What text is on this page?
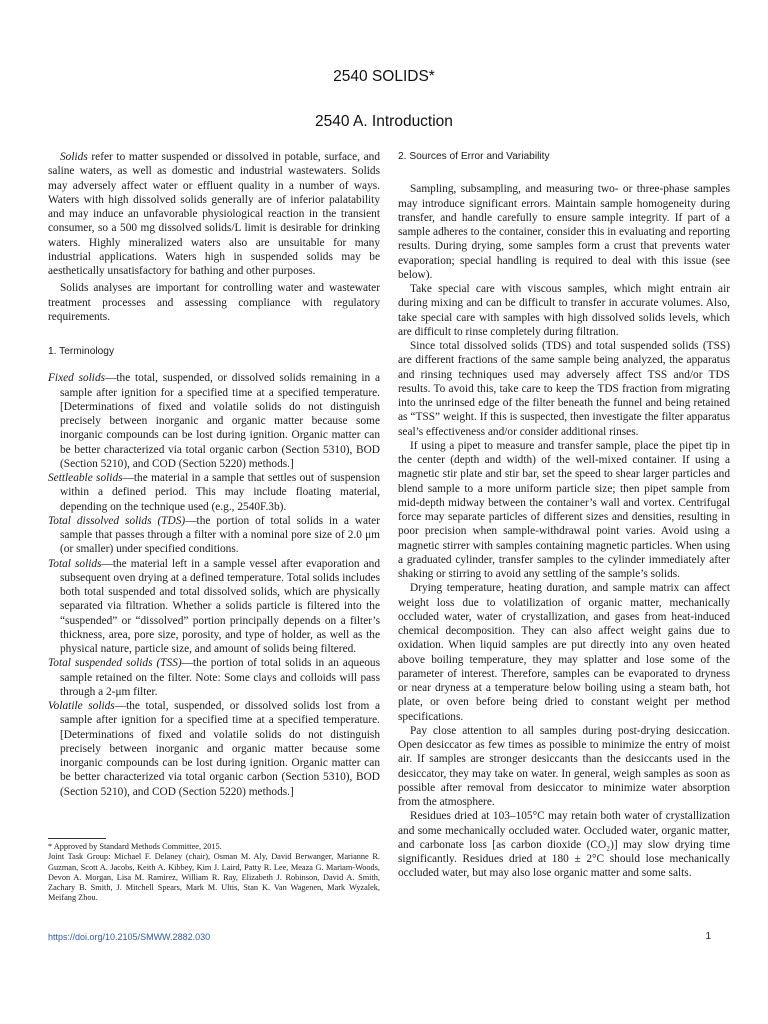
2540 SOLIDS*
2540 A. Introduction

Solids refer to matter suspended or dissolved in potable, surface, and saline waters, as well as domestic and industrial wastewaters. Solids may adversely affect water or effluent quality in a number of ways. Waters with high dissolved solids generally are of inferior palatability and may induce an unfavorable physiological reaction in the transient consumer, so a 500 mg dissolved solids/L limit is desirable for drinking waters. Highly mineralized waters also are unsuitable for many industrial applications. Waters high in suspended solids may be aesthetically unsatisfactory for bathing and other purposes.

Solids analyses are important for controlling water and wastewater treatment processes and assessing compliance with regulatory requirements.

1. Terminology

Fixed solids—the total, suspended, or dissolved solids remaining in a sample after ignition for a specified time at a specified temperature. [Determinations of fixed and volatile solids do not distinguish precisely between inorganic and organic matter because some inorganic compounds can be lost during ignition. Organic matter can be better characterized via total organic carbon (Section 5310), BOD (Section 5210), and COD (Section 5220) methods.]

Settleable solids—the material in a sample that settles out of suspension within a defined period. This may include floating material, depending on the technique used (e.g., 2540F.3b).

Total dissolved solids (TDS)—the portion of total solids in a water sample that passes through a filter with a nominal pore size of 2.0 μm (or smaller) under specified conditions.

Total solids—the material left in a sample vessel after evaporation and subsequent oven drying at a defined temperature. Total solids includes both total suspended and total dissolved solids, which are physically separated via filtration. Whether a solids particle is filtered into the “suspended” or “dissolved” portion principally depends on a filter’s thickness, area, pore size, porosity, and type of holder, as well as the physical nature, particle size, and amount of solids being filtered.

Total suspended solids (TSS)—the portion of total solids in an aqueous sample retained on the filter. Note: Some clays and colloids will pass through a 2-μm filter.

Volatile solids—the total, suspended, or dissolved solids lost from a sample after ignition for a specified time at a specified temperature. [Determinations of fixed and volatile solids do not distinguish precisely between inorganic and organic matter because some inorganic compounds can be lost during ignition. Organic matter can be better characterized via total organic carbon (Section 5310), BOD (Section 5210), and COD (Section 5220) methods.]

2. Sources of Error and Variability

Sampling, subsampling, and measuring two- or three-phase samples may introduce significant errors. Maintain sample homogeneity during transfer, and handle carefully to ensure sample integrity. If part of a sample adheres to the container, consider this in evaluating and reporting results. During drying, some samples form a crust that prevents water evaporation; special handling is required to deal with this issue (see below).

Take special care with viscous samples, which might entrain air during mixing and can be difficult to transfer in accurate volumes. Also, take special care with samples with high dissolved solids levels, which are difficult to rinse completely during filtration.

Since total dissolved solids (TDS) and total suspended solids (TSS) are different fractions of the same sample being analyzed, the apparatus and rinsing techniques used may adversely affect TSS and/or TDS results. To avoid this, take care to keep the TDS fraction from migrating into the unrinsed edge of the filter beneath the funnel and being retained as “TSS” weight. If this is suspected, then investigate the filter apparatus seal’s effectiveness and/or consider additional rinses.

If using a pipet to measure and transfer sample, place the pipet tip in the center (depth and width) of the well-mixed container. If using a magnetic stir plate and stir bar, set the speed to shear larger particles and blend sample to a more uniform particle size; then pipet sample from mid-depth midway between the container’s wall and vortex. Centrifugal force may separate particles of different sizes and densities, resulting in poor precision when sample-withdrawal point varies. Avoid using a magnetic stirrer with samples containing magnetic particles. When using a graduated cylinder, transfer samples to the cylinder immediately after shaking or stirring to avoid any settling of the sample’s solids.

Drying temperature, heating duration, and sample matrix can affect weight loss due to volatilization of organic matter, mechanically occluded water, water of crystallization, and gases from heat-induced chemical decomposition. They can also affect weight gains due to oxidation. When liquid samples are put directly into any oven heated above boiling temperature, they may splatter and lose some of the parameter of interest. Therefore, samples can be evaporated to dryness or near dryness at a temperature below boiling using a steam bath, hot plate, or oven before being dried to constant weight per method specifications.

Pay close attention to all samples during post-drying desiccation. Open desiccator as few times as possible to minimize the entry of moist air. If samples are stronger desiccants than the desiccants used in the desiccator, they may take on water. In general, weigh samples as soon as possible after removal from desiccator to minimize water absorption from the atmosphere.

Residues dried at 103–105°C may retain both water of crystallization and some mechanically occluded water. Occluded water, organic matter, and carbonate loss [as carbon dioxide (CO₂)] may slow drying time significantly. Residues dried at 180 ± 2°C should lose mechanically occluded water, but may also lose organic matter and some salts.

* Approved by Standard Methods Committee, 2015.

Joint Task Group: Michael F. Delaney (chair), Osman M. Aly, David Berwanger, Marianne R. Guzman, Scott A. Jacobs, Keith A. Kibbey, Kim J. Laird, Patty R. Lee, Meaza G. Mariam-Woods, Devon A. Morgan, Lisa M. Ramirez, William R. Ray, Elizabeth J. Robinson, David A. Smith, Zachary B. Smith, J. Mitchell Spears, Mark M. Ultis, Stan K. Van Wagenen, Mark Wyzalek, Meifang Zhou.

https://doi.org/10.2105/SMWW.2882.030	1
